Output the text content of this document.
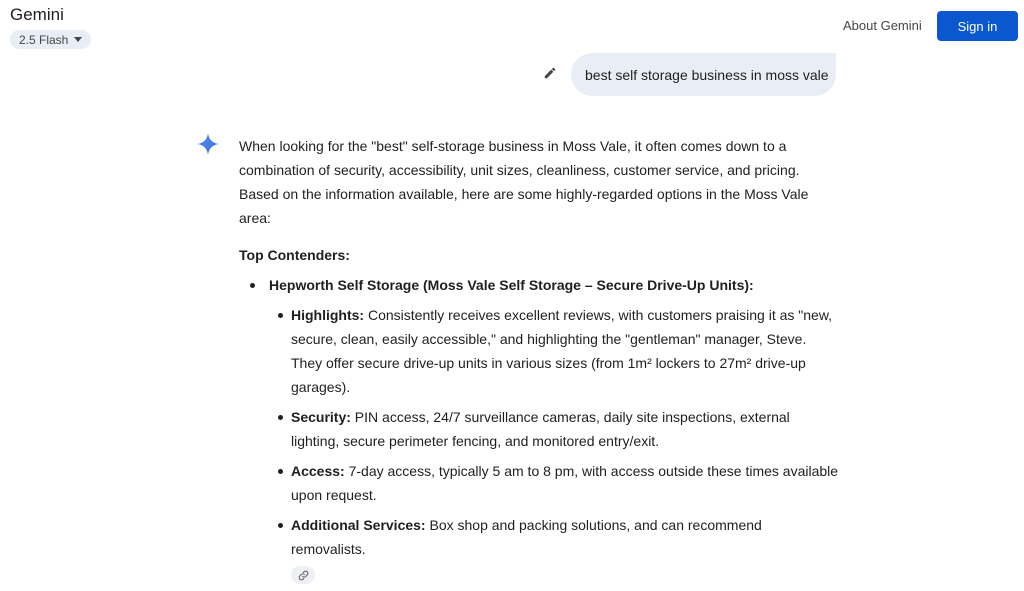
Gemini
2.5 Flash
About Gemini	Sign in
best self storage business in moss vale

When looking for the "best" self-storage business in Moss Vale, it often comes down to a combination of security, accessibility, unit sizes, cleanliness, customer service, and pricing. Based on the information available, here are some highly-regarded options in the Moss Vale area:

Top Contenders:

Hepworth Self Storage (Moss Vale Self Storage – Secure Drive-Up Units):
Highlights: Consistently receives excellent reviews, with customers praising it as "new, secure, clean, easily accessible," and highlighting the "gentleman" manager, Steve. They offer secure drive-up units in various sizes (from 1m² lockers to 27m² drive-up garages).
Security: PIN access, 24/7 surveillance cameras, daily site inspections, external lighting, secure perimeter fencing, and monitored entry/exit.
Access: 7-day access, typically 5 am to 8 pm, with access outside these times available upon request.
Additional Services: Box shop and packing solutions, and can recommend removalists.
